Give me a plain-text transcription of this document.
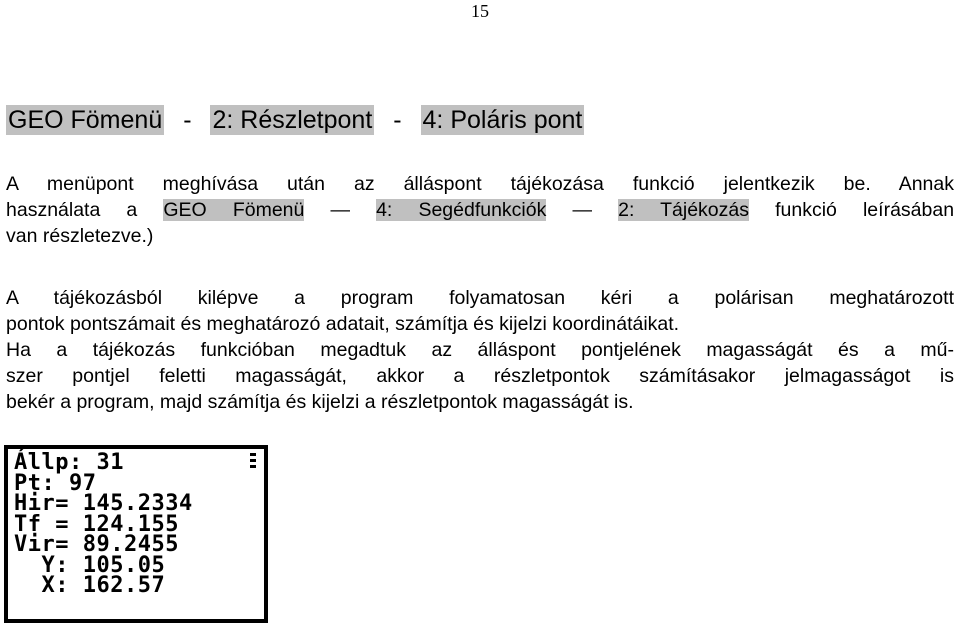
15
GEO Fömenü - 2: Részletpont - 4: Poláris pont
A menüpont meghívása után az álláspont tájékozása funkció jelentkezik be. Annak
használata a GEO Fömenü — 4: Segédfunkciók — 2: Tájékozás funkció leírásában
van részletezve.)
A tájékozásból kilépve a program folyamatosan kéri a polárisan meghatározott
pontok pontszámait és meghatározó adatait, számítja és kijelzi koordinátáikat.
Ha a tájékozás funkcióban megadtuk az álláspont pontjelének magasságát és a mű-
szer pontjel feletti magasságát, akkor a részletpontok számításakor jelmagasságot is
bekér a program, majd számítja és kijelzi a részletpontok magasságát is.
Állp: 31
Pt: 97
Hir= 145.2334
Tf = 124.155
Vir= 89.2455
Y: 105.05
X: 162.57
